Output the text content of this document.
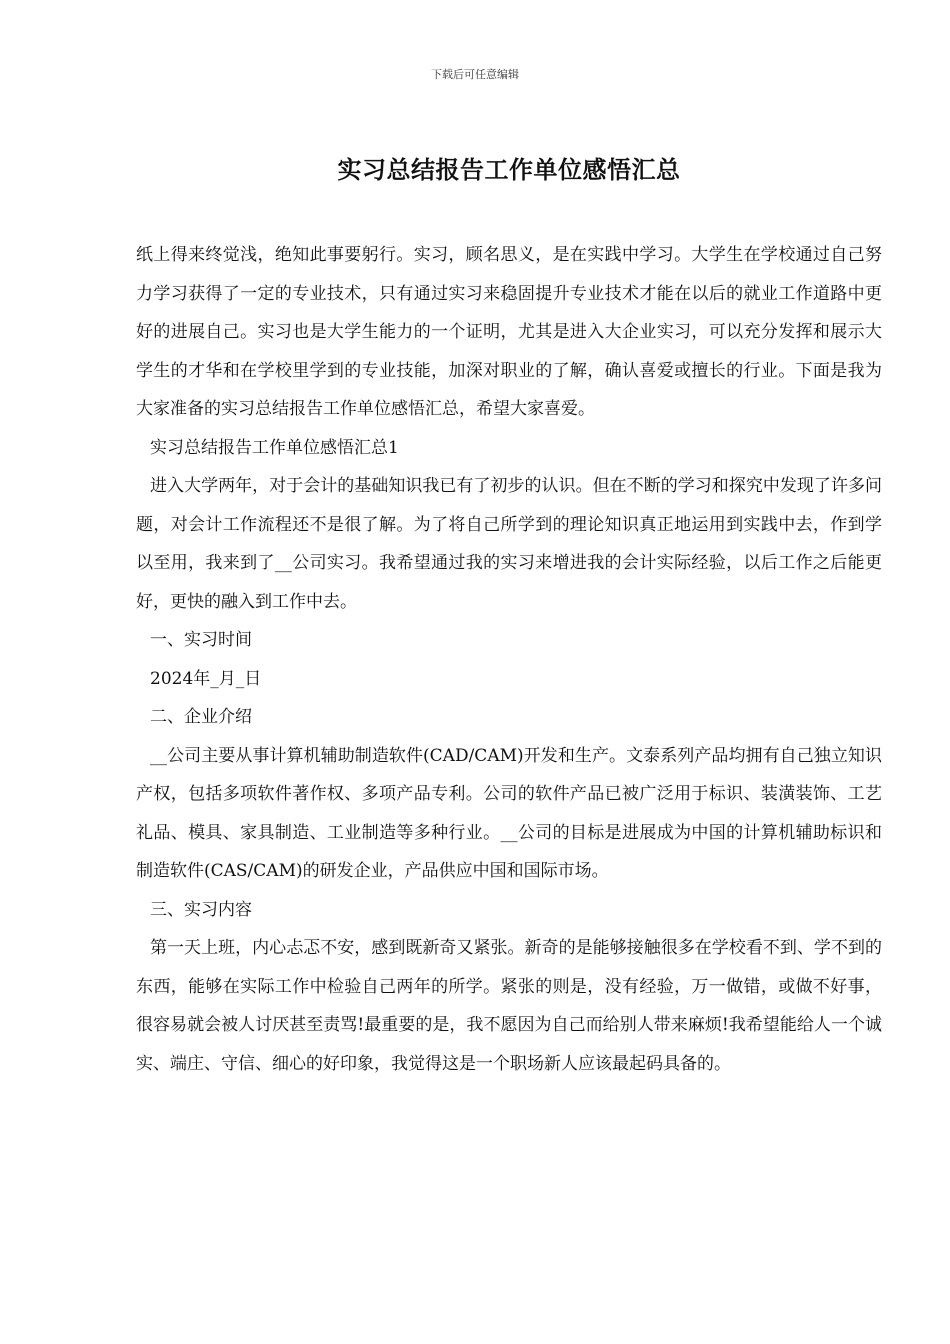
下载后可任意编辑
实习总结报告工作单位感悟汇总

纸上得来终觉浅，绝知此事要躬行。实习，顾名思义，是在实践中学习。大学生在学校通过自己努力学习获得了一定的专业技术，只有通过实习来稳固提升专业技术才能在以后的就业工作道路中更好的进展自己。实习也是大学生能力的一个证明，尤其是进入大企业实习，可以充分发挥和展示大学生的才华和在学校里学到的专业技能，加深对职业的了解，确认喜爱或擅长的行业。下面是我为大家准备的实习总结报告工作单位感悟汇总，希望大家喜爱。

实习总结报告工作单位感悟汇总1

进入大学两年，对于会计的基础知识我已有了初步的认识。但在不断的学习和探究中发现了许多问题，对会计工作流程还不是很了解。为了将自己所学到的理论知识真正地运用到实践中去，作到学以至用，我来到了__公司实习。我希望通过我的实习来增进我的会计实际经验，以后工作之后能更好，更快的融入到工作中去。

一、实习时间

2024年_月_日

二、企业介绍

__公司主要从事计算机辅助制造软件(CAD/CAM)开发和生产。文泰系列产品均拥有自己独立知识产权，包括多项软件著作权、多项产品专利。公司的软件产品已被广泛用于标识、装潢装饰、工艺礼品、模具、家具制造、工业制造等多种行业。__公司的目标是进展成为中国的计算机辅助标识和制造软件(CAS/CAM)的研发企业，产品供应中国和国际市场。

三、实习内容

第一天上班，内心忐忑不安，感到既新奇又紧张。新奇的是能够接触很多在学校看不到、学不到的东西，能够在实际工作中检验自己两年的所学。紧张的则是，没有经验，万一做错，或做不好事，很容易就会被人讨厌甚至责骂!最重要的是，我不愿因为自己而给别人带来麻烦!我希望能给人一个诚实、端庄、守信、细心的好印象，我觉得这是一个职场新人应该最起码具备的。
